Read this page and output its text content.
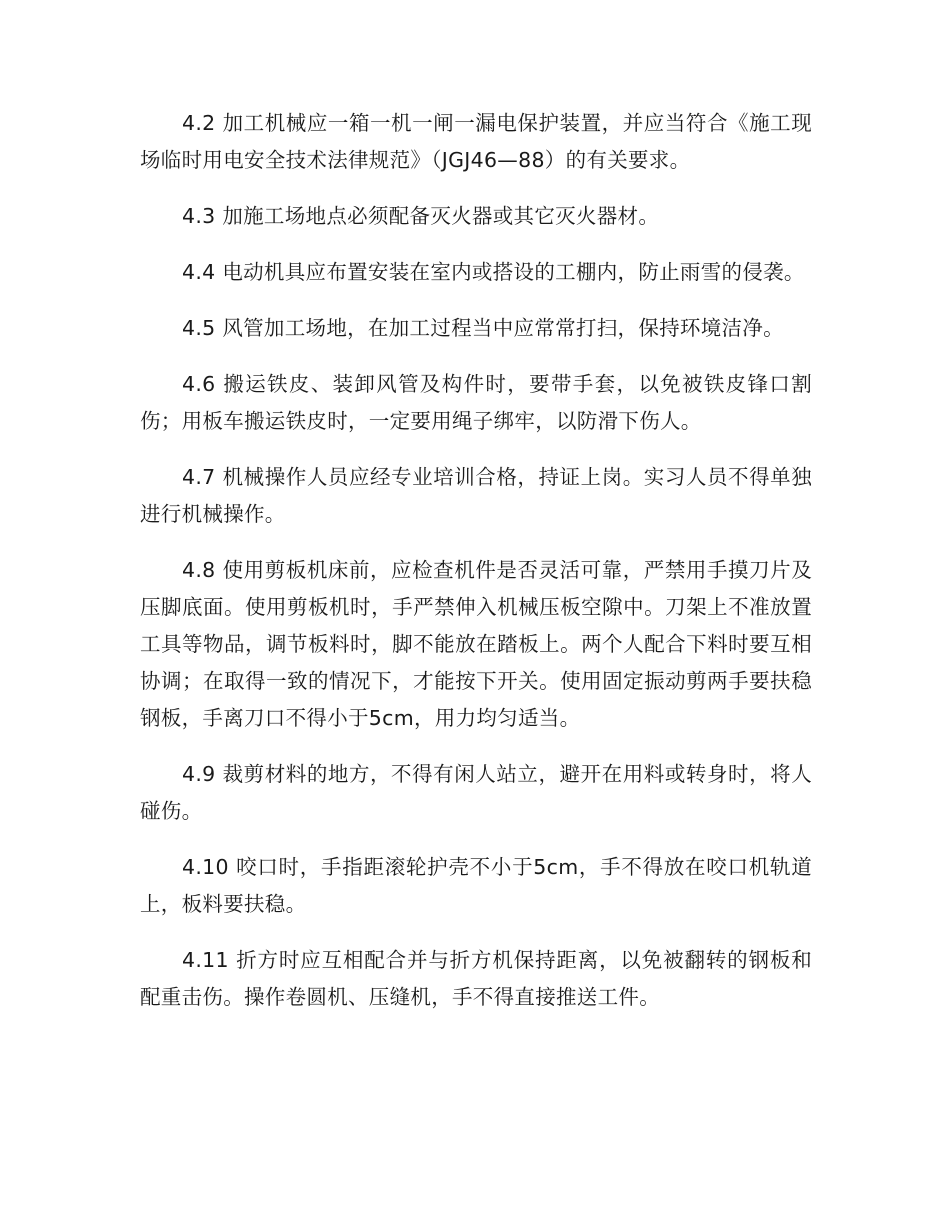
4.2 加工机械应一箱一机一闸一漏电保护装置，并应当符合《施工现场临时用电安全技术法律规范》（JGJ46—88）的有关要求。

4.3 加施工场地点必须配备灭火器或其它灭火器材。

4.4 电动机具应布置安装在室内或搭设的工棚内，防止雨雪的侵袭。

4.5 风管加工场地，在加工过程当中应常常打扫，保持环境洁净。

4.6 搬运铁皮、装卸风管及构件时，要带手套，以免被铁皮锋口割伤；用板车搬运铁皮时，一定要用绳子绑牢，以防滑下伤人。

4.7 机械操作人员应经专业培训合格，持证上岗。实习人员不得单独进行机械操作。

4.8 使用剪板机床前，应检查机件是否灵活可靠，严禁用手摸刀片及压脚底面。使用剪板机时，手严禁伸入机械压板空隙中。刀架上不准放置工具等物品，调节板料时，脚不能放在踏板上。两个人配合下料时要互相协调；在取得一致的情况下，才能按下开关。使用固定振动剪两手要扶稳钢板，手离刀口不得小于5cm，用力均匀适当。

4.9 裁剪材料的地方，不得有闲人站立，避开在用料或转身时，将人碰伤。

4.10 咬口时，手指距滚轮护壳不小于5cm，手不得放在咬口机轨道上，板料要扶稳。

4.11 折方时应互相配合并与折方机保持距离，以免被翻转的钢板和配重击伤。操作卷圆机、压缝机，手不得直接推送工件。
